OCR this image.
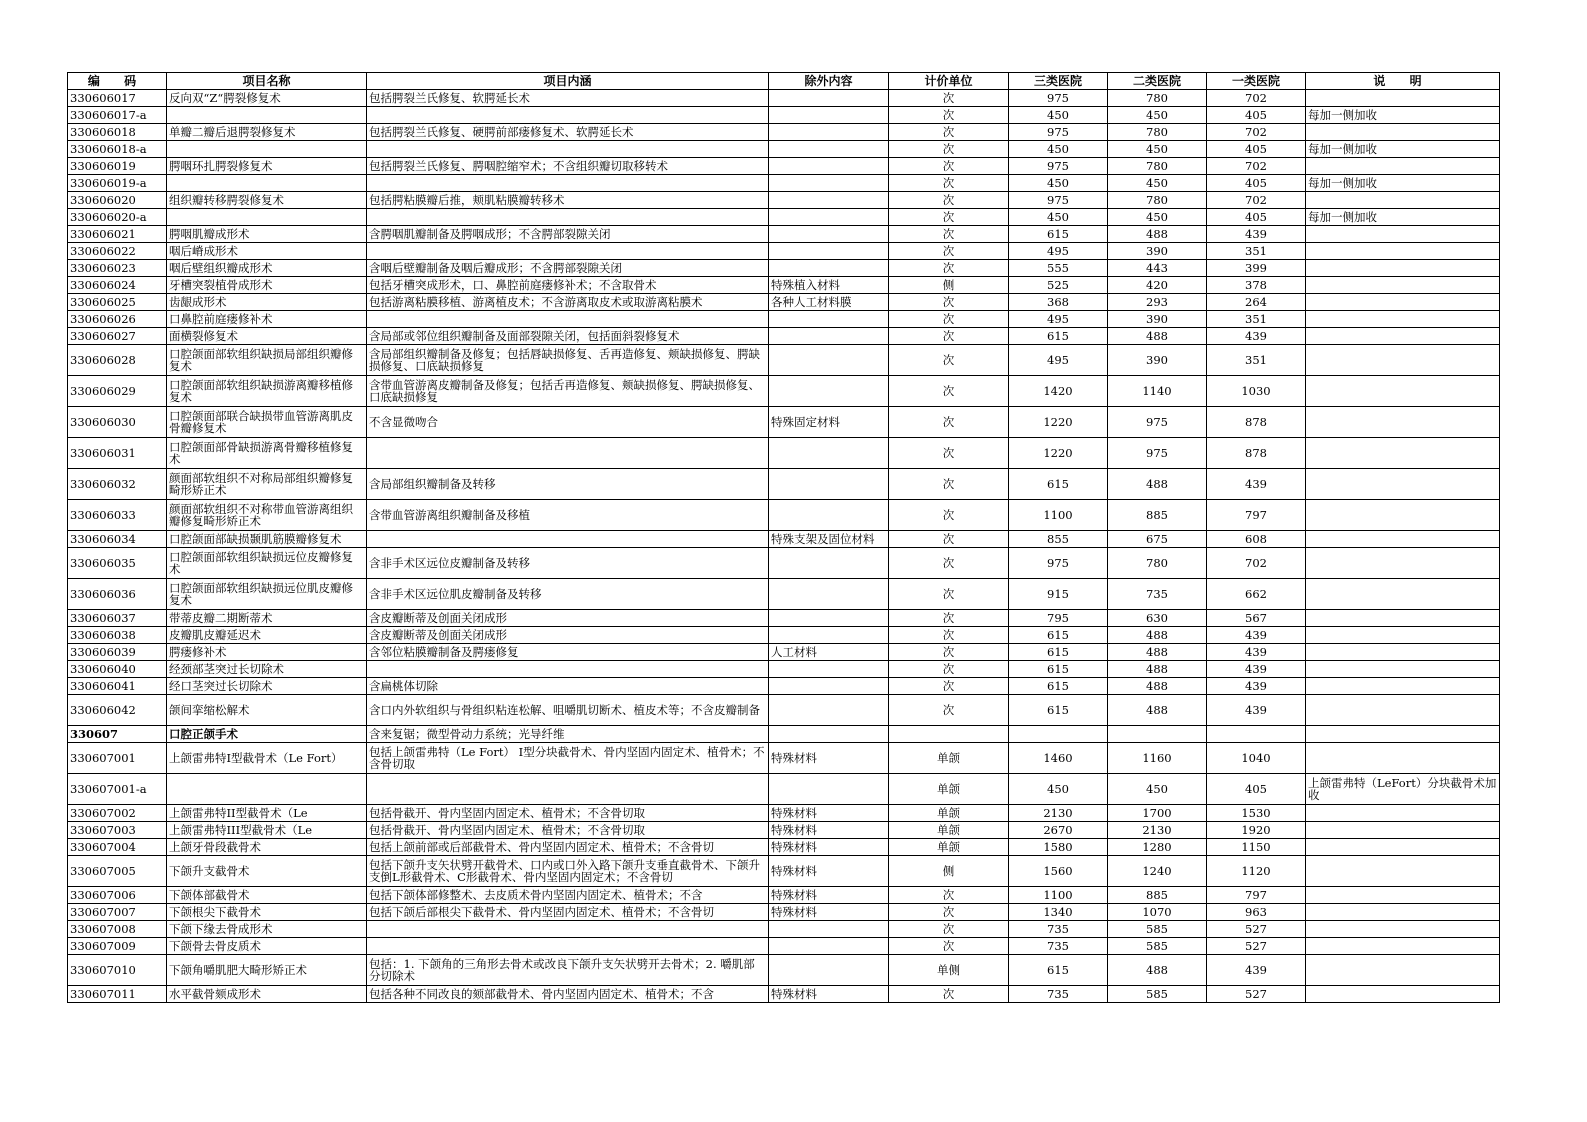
编 码	项目名称	项目内涵	除外内容	计价单位	三类医院	二类医院	一类医院	说 明
330606017	反向双“Z“腭裂修复术	包括腭裂兰氏修复、软腭延长术		次	975	780	702	
330606017-a				次	450	450	405	每加一侧加收
330606018	单瓣二瓣后退腭裂修复术	包括腭裂兰氏修复、硬腭前部瘘修复术、软腭延长术		次	975	780	702	
330606018-a				次	450	450	405	每加一侧加收
330606019	腭咽环扎腭裂修复术	包括腭裂兰氏修复、腭咽腔缩窄术；不含组织瓣切取移转术		次	975	780	702	
330606019-a				次	450	450	405	每加一侧加收
330606020	组织瓣转移腭裂修复术	包括腭粘膜瓣后推，颊肌粘膜瓣转移术		次	975	780	702	
330606020-a				次	450	450	405	每加一侧加收
330606021	腭咽肌瓣成形术	含腭咽肌瓣制备及腭咽成形；不含腭部裂隙关闭		次	615	488	439	
330606022	咽后嵴成形术			次	495	390	351	
330606023	咽后壁组织瓣成形术	含咽后壁瓣制备及咽后瓣成形；不含腭部裂隙关闭		次	555	443	399	
330606024	牙槽突裂植骨成形术	包括牙槽突成形术，口、鼻腔前庭瘘修补术；不含取骨术	特殊植入材料	侧	525	420	378	
330606025	齿龈成形术	包括游离粘膜移植、游离植皮术；不含游离取皮术或取游离粘膜术	各种人工材料膜	次	368	293	264	
330606026	口鼻腔前庭瘘修补术			次	495	390	351	
330606027	面横裂修复术	含局部或邻位组织瓣制备及面部裂隙关闭，包括面斜裂修复术		次	615	488	439	
330606028	口腔颌面部软组织缺损局部组织瓣修复术	含局部组织瓣制备及修复；包括唇缺损修复、舌再造修复、颊缺损修复、腭缺损修复、口底缺损修复		次	495	390	351	
330606029	口腔颌面部软组织缺损游离瓣移植修复术	含带血管游离皮瓣制备及修复；包括舌再造修复、颊缺损修复、腭缺损修复、口底缺损修复		次	1420	1140	1030	
330606030	口腔颌面部联合缺损带血管游离肌皮骨瓣修复术	不含显微吻合	特殊固定材料	次	1220	975	878	
330606031	口腔颌面部骨缺损游离骨瓣移植修复术			次	1220	975	878	
330606032	颜面部软组织不对称局部组织瓣修复畸形矫正术	含局部组织瓣制备及转移		次	615	488	439	
330606033	颜面部软组织不对称带血管游离组织瓣修复畸形矫正术	含带血管游离组织瓣制备及移植		次	1100	885	797	
330606034	口腔颌面部缺损颞肌筋膜瓣修复术		特殊支架及固位材料	次	855	675	608	
330606035	口腔颌面部软组织缺损远位皮瓣修复术	含非手术区远位皮瓣制备及转移		次	975	780	702	
330606036	口腔颌面部软组织缺损远位肌皮瓣修复术	含非手术区远位肌皮瓣制备及转移		次	915	735	662	
330606037	带蒂皮瓣二期断蒂术	含皮瓣断蒂及创面关闭成形		次	795	630	567	
330606038	皮瓣肌皮瓣延迟术	含皮瓣断蒂及创面关闭成形		次	615	488	439	
330606039	腭瘘修补术	含邻位粘膜瓣制备及腭瘘修复	人工材料	次	615	488	439	
330606040	经颈部茎突过长切除术			次	615	488	439	
330606041	经口茎突过长切除术	含扁桃体切除		次	615	488	439	
330606042	颌间挛缩松解术	含口内外软组织与骨组织粘连松解、咀嚼肌切断术、植皮术等；不含皮瓣制备		次	615	488	439	
330607	口腔正颌手术	含来复锯；微型骨动力系统；光导纤维						
330607001	上颌雷弗特I型截骨术（Le Fort）	包括上颌雷弗特（Le Fort） I型分块截骨术、骨内坚固内固定术、植骨术；不含骨切取	特殊材料	单颌	1460	1160	1040	
330607001-a				单颌	450	450	405	上颌雷弗特（LeFort）分块截骨术加收
330607002	上颌雷弗特II型截骨术（Le	包括骨截开、骨内坚固内固定术、植骨术；不含骨切取	特殊材料	单颌	2130	1700	1530	
330607003	上颌雷弗特III型截骨术（Le	包括骨截开、骨内坚固内固定术、植骨术；不含骨切取	特殊材料	单颌	2670	2130	1920	
330607004	上颌牙骨段截骨术	包括上颌前部或后部截骨术、骨内坚固内固定术、植骨术；不含骨切	特殊材料	单颌	1580	1280	1150	
330607005	下颌升支截骨术	包括下颌升支矢状劈开截骨术、口内或口外入路下颌升支垂直截骨术、下颌升支倒L形截骨术、C形截骨术、骨内坚固内固定术；不含骨切	特殊材料	侧	1560	1240	1120	
330607006	下颌体部截骨术	包括下颌体部修整术、去皮质术骨内坚固内固定术、植骨术；不含	特殊材料	次	1100	885	797	
330607007	下颌根尖下截骨术	包括下颌后部根尖下截骨术、骨内坚固内固定术、植骨术；不含骨切	特殊材料	次	1340	1070	963	
330607008	下颌下缘去骨成形术			次	735	585	527	
330607009	下颌骨去骨皮质术			次	735	585	527	
330607010	下颌角嚼肌肥大畸形矫正术	包括：1. 下颌角的三角形去骨术或改良下颌升支矢状劈开去骨术；2. 嚼肌部分切除术		单侧	615	488	439	
330607011	水平截骨颏成形术	包括各种不同改良的颏部截骨术、骨内坚固内固定术、植骨术；不含	特殊材料	次	735	585	527	
